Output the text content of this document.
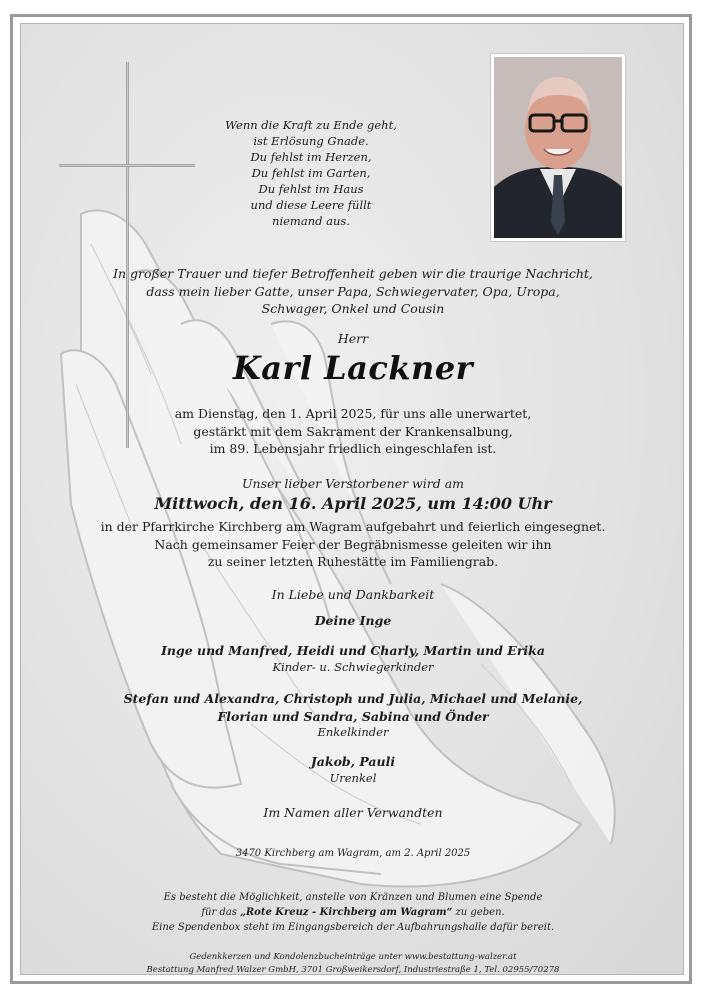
Wenn die Kraft zu Ende geht,
ist Erlösung Gnade.
Du fehlst im Herzen,
Du fehlst im Garten,
Du fehlst im Haus
und diese Leere füllt
niemand aus.
In großer Trauer und tiefer Betroffenheit geben wir die traurige Nachricht,
dass mein lieber Gatte, unser Papa, Schwiegervater, Opa, Uropa,
Schwager, Onkel und Cousin
Herr
Karl Lackner
am Dienstag, den 1. April 2025, für uns alle unerwartet,
gestärkt mit dem Sakrament der Krankensalbung,
im 89. Lebensjahr friedlich eingeschlafen ist.
Unser lieber Verstorbener wird am
Mittwoch, den 16. April 2025, um 14:00 Uhr
in der Pfarrkirche Kirchberg am Wagram aufgebahrt und feierlich eingesegnet.
Nach gemeinsamer Feier der Begräbnismesse geleiten wir ihn
zu seiner letzten Ruhestätte im Familiengrab.
In Liebe und Dankbarkeit
Deine Inge
Inge und Manfred, Heidi und Charly, Martin und Erika
Kinder- u. Schwiegerkinder
Stefan und Alexandra, Christoph und Julia, Michael und Melanie,
Florian und Sandra, Sabina und Önder
Enkelkinder
Jakob, Pauli
Urenkel
Im Namen aller Verwandten
3470 Kirchberg am Wagram, am 2. April 2025
Es besteht die Möglichkeit, anstelle von Kränzen und Blumen eine Spende
für das „Rote Kreuz - Kirchberg am Wagram“ zu geben.
Eine Spendenbox steht im Eingangsbereich der Aufbahrungshalle dafür bereit.
Gedenkkerzen und Kondolenzbucheinträge unter www.bestattung-walzer.at
Bestattung Manfred Walzer GmbH, 3701 Großweikersdorf, Industriestraße 1, Tel. 02955/70278
